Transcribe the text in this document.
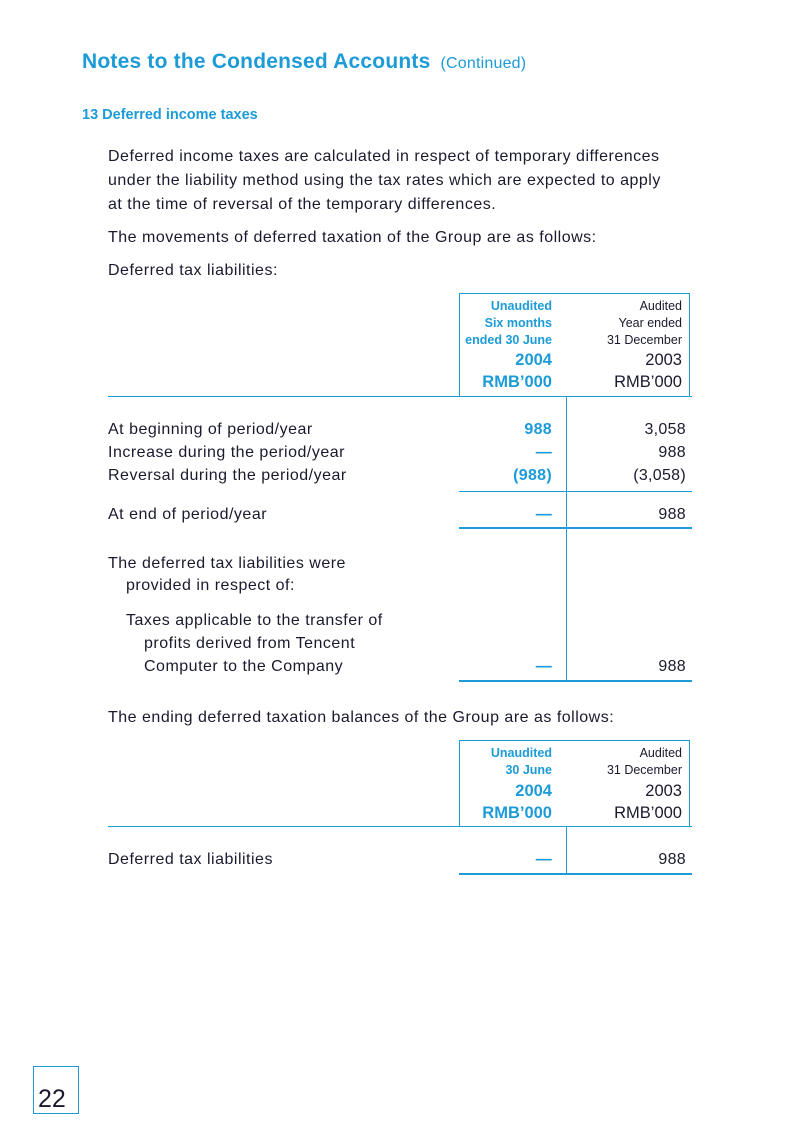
Notes to the Condensed Accounts (Continued)
13 Deferred income taxes
Deferred income taxes are calculated in respect of temporary differences
under the liability method using the tax rates which are expected to apply
at the time of reversal of the temporary differences.
The movements of deferred taxation of the Group are as follows:
Deferred tax liabilities:
Unaudited
Six months
ended 30 June
2004
RMB’000
Audited
Year ended
31 December
2003
RMB’000
At beginning of period/year	988	3,058
Increase during the period/year	—	988
Reversal during the period/year	(988)	(3,058)
At end of period/year	—	988
The deferred tax liabilities were
provided in respect of:
Taxes applicable to the transfer of
profits derived from Tencent
Computer to the Company	—	988
The ending deferred taxation balances of the Group are as follows:
Unaudited
30 June
2004
RMB’000
Audited
31 December
2003
RMB’000
Deferred tax liabilities	—	988
22
